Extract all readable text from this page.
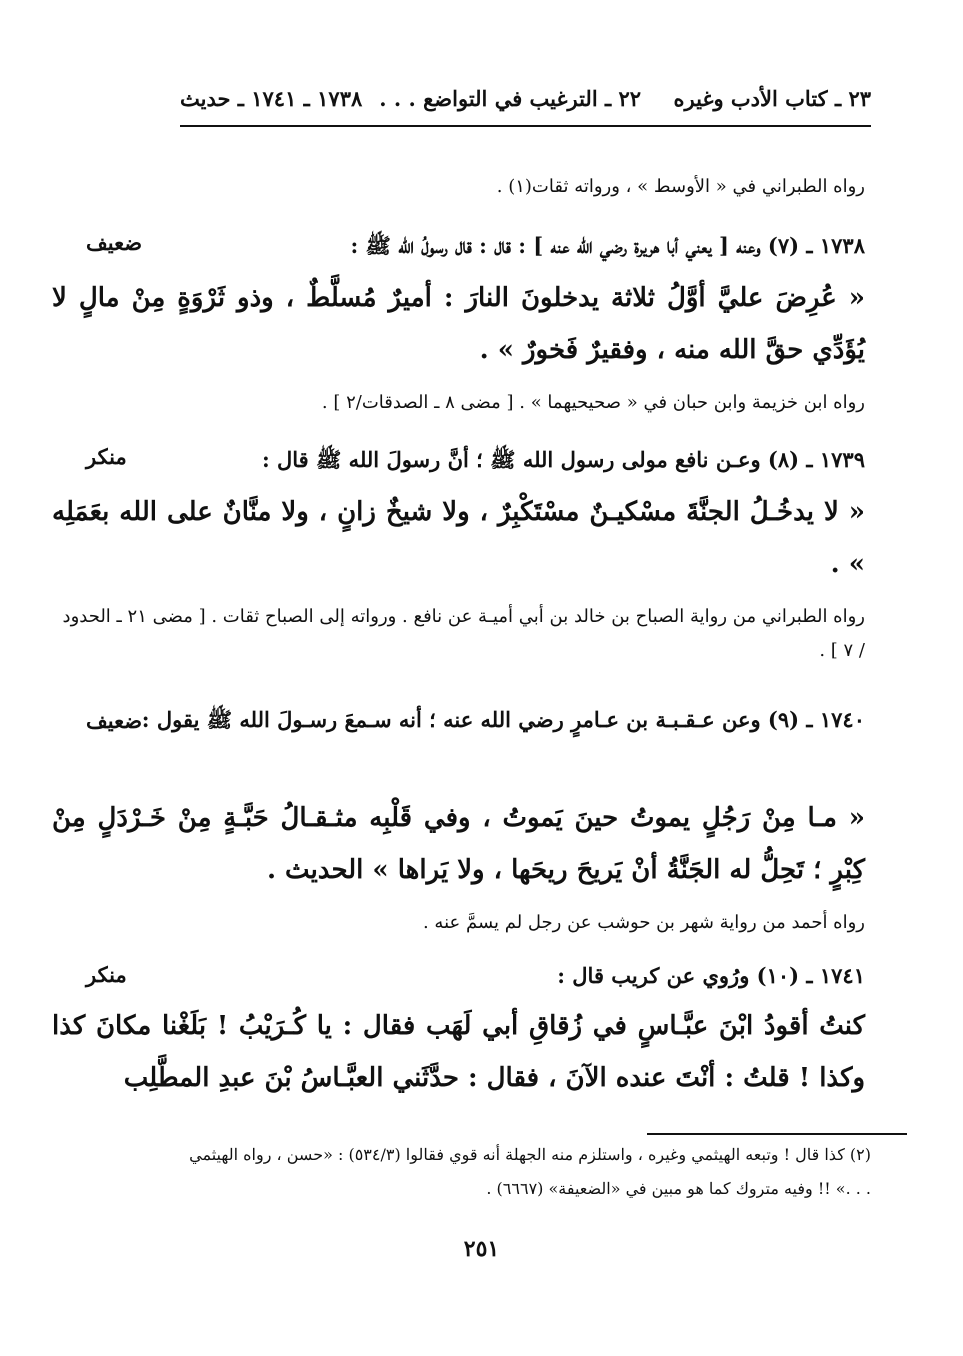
٢٣ ـ كتاب الأدب وغيره
٢٢ ـ الترغيب في التواضع . . .
١٧٣٨ ـ ١٧٤١ ـ حديث
رواه الطبراني في « الأوسط » ، ورواته ثقات(١) .
ضعيف	١٧٣٨ ـ (٧) وعنه [ يعني أبا هريرة رضي الله عنه ] : قال : قال رسولُ الله ﷺ :
« عُرِضَ عليَّ أوَّلُ ثلاثة يدخلونَ النارَ : أميرٌ مُسلَّطٌ ، وذو ثَرْوَةٍ مِنْ مالٍ لا يُؤَدِّي حقَّ الله منه ، وفقيرٌ فَخورٌ » .
رواه ابن خزيمة وابن حبان في « صحيحيهما » . [ مضى ٨ ـ الصدقات/٢ ] .
منكر	١٧٣٩ ـ (٨) وعـن نافع مولى رسول الله ﷺ ؛ أنَّ رسولَ الله ﷺ قال :
« لا يدخُـلُ الجنَّةَ مسْكيـنٌ مسْتَكْبِرٌ ، ولا شيخٌ زانٍ ، ولا منَّانٌ على الله بعَمَلِه » .
رواه الطبراني من رواية الصباح بن خالد بن أبي أميـة عن نافع . ورواته إلى الصباح ثقات . [ مضى ٢١ ـ الحدود / ٧ ] .
ضعيف ١٧٤٠ ـ (٩) وعن عـقـبـة بن عـامرٍ رضي الله عنه ؛ أنه سـمعَ رسـولَ الله ﷺ يقول :
« مـا مِنْ رَجُلٍ يموتُ حينَ يَموتُ ، وفي قَلْبِه مثـقـالُ حَبَّـةٍ مِنْ خَـرْدَلٍ مِنْ كِبْرٍ ؛ تَحِلُّ له الجَنَّةُ أنْ يَريحَ ريحَها ، ولا يَراها » الحديث .
رواه أحمد من رواية شهر بن حوشب عن رجل لم يسمَّ عنه .
منكر	١٧٤١ ـ (١٠) ورُوي عن كريب قال :
كنتُ أقودُ ابْنَ عبَّـاسٍ في زُقاقِ أبي لَهَب فقال : يا كُـرَيْبُ ! بَلَغْنا مكانَ كذا وكذا ! قلتُ : أنْتَ عنده الآنَ ، فقال : حدَّثَني العبَّـاسُ بْنَ عبدِ المطَّلِب
(٢) كذا قال ! وتبعه الهيثمي وغيره ، واستلزم منه الجهلة أنه قوي فقالوا (٥٣٤/٣) : «حسن ، رواه الهيثمي . . .» !! وفيه متروك كما هو مبين في «الضعيفة» (٦٦٦٧) .
٢٥١
